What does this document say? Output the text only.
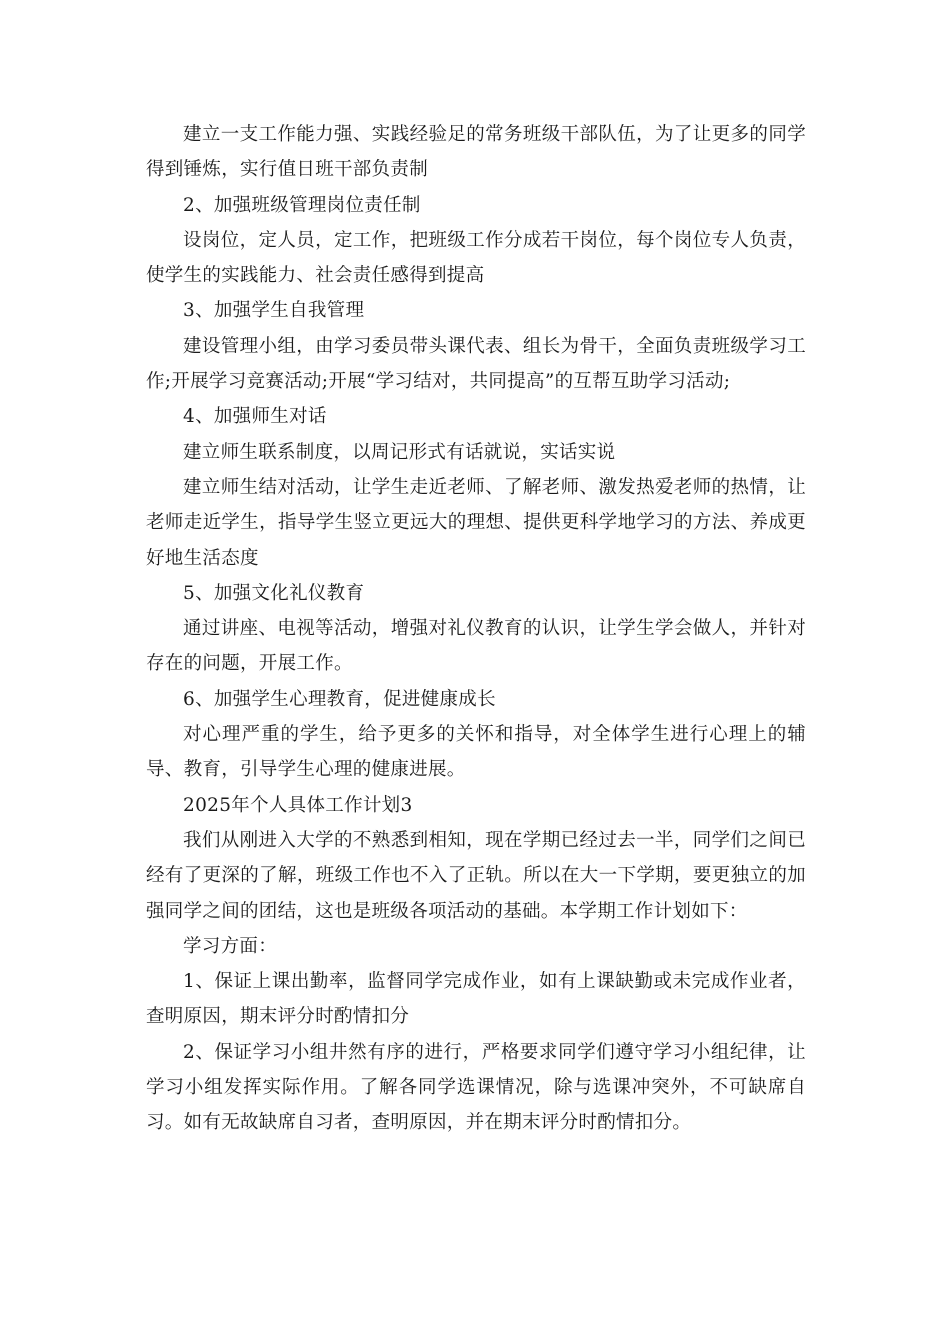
建立一支工作能力强、实践经验足的常务班级干部队伍，为了让更多的同学得到锤炼，实行值日班干部负责制

2、加强班级管理岗位责任制

设岗位，定人员，定工作，把班级工作分成若干岗位，每个岗位专人负责，使学生的实践能力、社会责任感得到提高

3、加强学生自我管理

建设管理小组，由学习委员带头课代表、组长为骨干，全面负责班级学习工作;开展学习竞赛活动;开展“学习结对，共同提高”的互帮互助学习活动;

4、加强师生对话

建立师生联系制度，以周记形式有话就说，实话实说

建立师生结对活动，让学生走近老师、了解老师、激发热爱老师的热情，让老师走近学生，指导学生竖立更远大的理想、提供更科学地学习的方法、养成更好地生活态度

5、加强文化礼仪教育

通过讲座、电视等活动，增强对礼仪教育的认识，让学生学会做人，并针对存在的问题，开展工作。

6、加强学生心理教育，促进健康成长

对心理严重的学生，给予更多的关怀和指导，对全体学生进行心理上的辅导、教育，引导学生心理的健康进展。

2025年个人具体工作计划3

我们从刚进入大学的不熟悉到相知，现在学期已经过去一半，同学们之间已经有了更深的了解，班级工作也不入了正轨。所以在大一下学期，要更独立的加强同学之间的团结，这也是班级各项活动的基础。本学期工作计划如下：

学习方面：

1、保证上课出勤率，监督同学完成作业，如有上课缺勤或未完成作业者，查明原因，期末评分时酌情扣分

2、保证学习小组井然有序的进行，严格要求同学们遵守学习小组纪律，让学习小组发挥实际作用。了解各同学选课情况，除与选课冲突外，不可缺席自习。如有无故缺席自习者，查明原因，并在期末评分时酌情扣分。
